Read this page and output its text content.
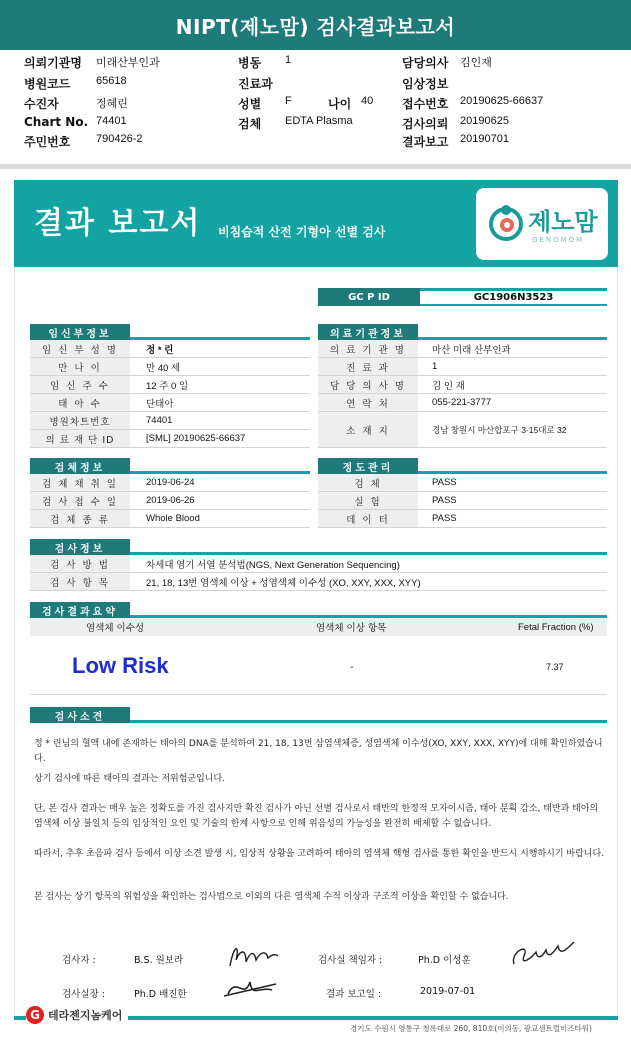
NIPT(제노맘) 검사결과보고서
의뢰기관명 미래산부인과	병동 1	담당의사 김인재
병원코드 65618	진료과	임상정보
수진자	정혜린	성별 F	나이 40 접수번호 20190625-66637
Chart No. 74401	검체 EDTA Plasma	검사의뢰 20190625
주민번호 790426-2	결과보고 20190701
결과 보고서 비침습적 산전 기형아 선별 검사	제노맘
GENOMOM
GC P ID	GC1906N3523
임신부정보
임 신 부 성 명	정 * 린
만 나 이	만 40 세
임 신 주 수	12 주 0 일
태 아 수	단태아
병원차트번호	74401
의 료 재 단 ID	[SML] 20190625-66637
의료기관정보
의 료 기 관 명	마산 미래 산부인과
진 료 과	1
담 당 의 사 명	김 인 재
연 락 처	055-221-3777
소 재 지	경남 창원시 마산합포구 3·15대로 32
검체정보
검 체 채 취 일	2019-06-24
검 사 접 수 일	2019-06-26
검 체 종 류	Whole Blood
정도관리
검 체	PASS
실 험	PASS
데 이 터	PASS
검사정보
검 사 방 법	차세대 염기 서열 분석법(NGS, Next Generation Sequencing)
검 사 항 목	21, 18, 13번 염색체 이상 + 성염색체 이수성 (XO, XXY, XXX, XYY)
검사결과요약
염색체 이수성	염색체 이상 항목	Fetal Fraction (%)
Low Risk	-	7.37
검사소견
정 * 린님의 혈액 내에 존재하는 태아의 DNA를 분석하여 21, 18, 13번 삼염색체증, 성염색체 이수성(XO, XXY, XXX, XYY)에 대해 확인하였습니다.
상기 검사에 따른 태아의 결과는 저위험군입니다.
단, 본 검사 결과는 매우 높은 정확도를 가진 검사지만 확진 검사가 아닌 선별 검사로서 태반의 한정적 모자이시즘, 태아 분획 감소, 태반과 태아의 염색체 이상 불일치 등의 임상적인 요인 및 기술의 한계 사항으로 인해 위음성의 가능성을 완전히 배제할 수 없습니다.
따라서, 추후 초음파 검사 등에서 이상 소견 발생 시, 임상적 상황을 고려하여 태아의 염색체 핵형 검사를 통한 확인을 반드시 시행하시기 바랍니다.
본 검사는 상기 항목의 위험성을 확인하는 검사법으로 이외의 다른 염색체 수적 이상과 구조적 이상을 확인할 수 없습니다.
검사자 :	B.S. 원보라	검사실 책임자 :	Ph.D 이성훈
검사실장 :	Ph.D 배진한	결과 보고일 :	2019-07-01
G 테라젠지놈케어
경기도 수원시 영통구 청록대로 260, 810호(이의동, 광교센트럴비즈타워)
